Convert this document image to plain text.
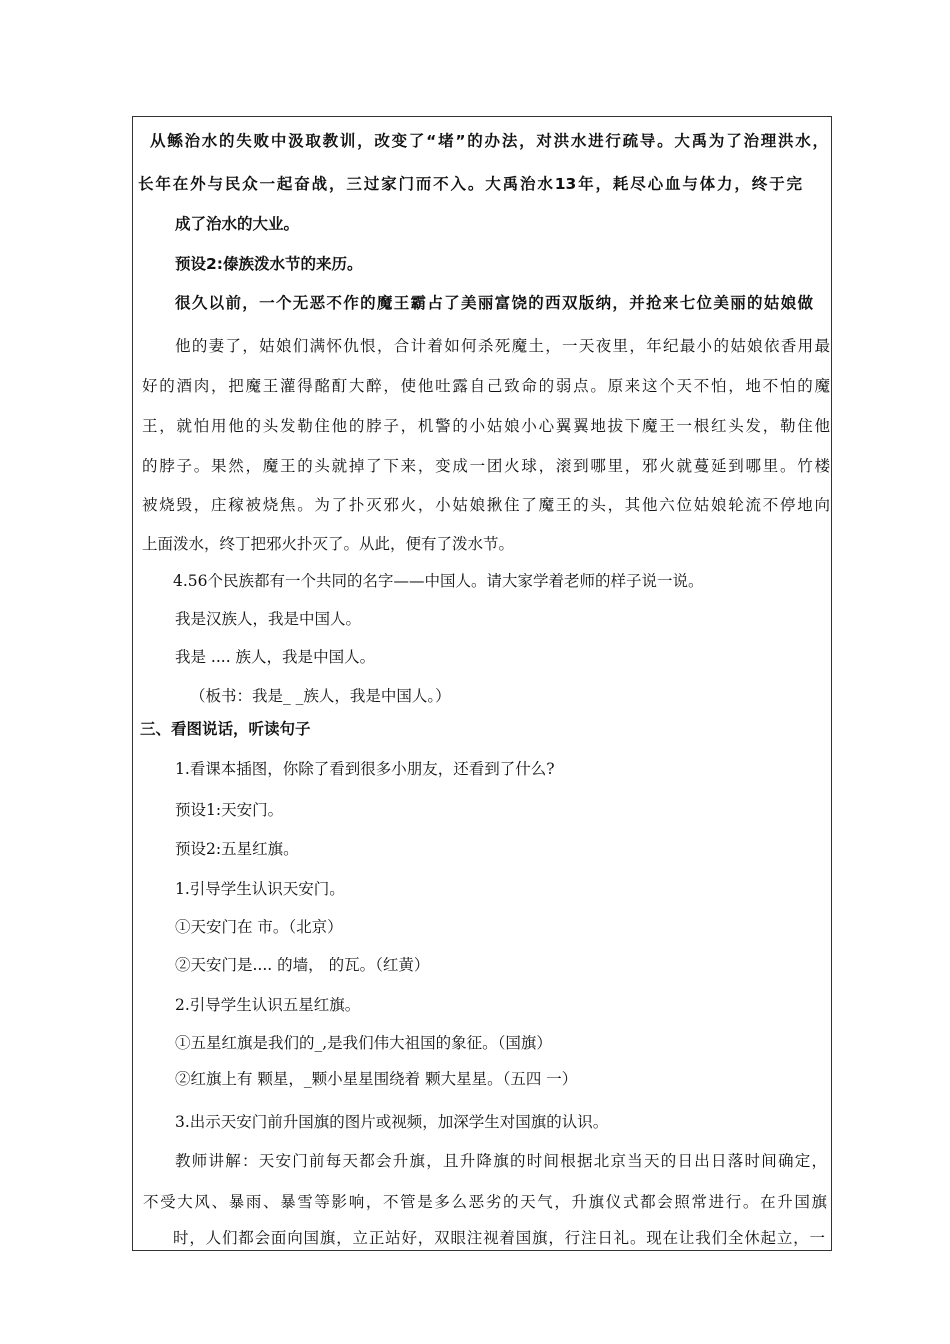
从鲧治水的失败中汲取教训，改变了“堵”的办法，对洪水进行疏导。大禹为了治理洪水，
长年在外与民众一起奋战，三过家门而不入。大禹治水13年，耗尽心血与体力，终于完
成了治水的大业。
预设2:傣族泼水节的来历。
很久以前，一个无恶不作的魔王霸占了美丽富饶的西双版纳，并抢来七位美丽的姑娘做
他的妻了，姑娘们满怀仇恨，合计着如何杀死魔土，一天夜里，年纪最小的姑娘依香用最
好的酒肉，把魔王灌得酩酊大醉，使他吐露自己致命的弱点。原来这个天不怕，地不怕的魔
王，就怕用他的头发勒住他的脖子，机警的小姑娘小心翼翼地拔下魔王一根红头发，勒住他
的脖子。果然，魔王的头就掉了下来，变成一团火球，滚到哪里，邪火就蔓延到哪里。竹楼
被烧毁，庄稼被烧焦。为了扑灭邪火，小姑娘揪住了魔王的头，其他六位姑娘轮流不停地向
上面泼水，终丁把邪火扑灭了。从此，便有了泼水节。
4.56个民族都有一个共同的名字——中国人。请大家学着老师的样子说一说。
我是汉族人，我是中国人。
我是 .... 族人，我是中国人。
（板书：我是_ _族人，我是中国人。）
三、看图说话，听读句子
1.看课本插图，你除了看到很多小朋友，还看到了什么?
预设1:天安门。
预设2:五星红旗。
1.引导学生认识天安门。
①天安门在 市。（北京）
②天安门是.... 的墙， 的瓦。（红黄）
2.引导学生认识五星红旗。
①五星红旗是我们的_,是我们伟大祖国的象征。（国旗）
②红旗上有 颗星，_颗小星星围绕着 颗大星星。（五四 一）
3.出示天安门前升国旗的图片或视频，加深学生对国旗的认识。
教师讲解：天安门前每天都会升旗，且升降旗的时间根据北京当天的日出日落时间确定，
不受大风、暴雨、暴雪等影响，不管是多么恶劣的天气，升旗仪式都会照常进行。在升国旗
时，人们都会面向国旗，立正站好，双眼注视着国旗，行注日礼。现在让我们全休起立，一
